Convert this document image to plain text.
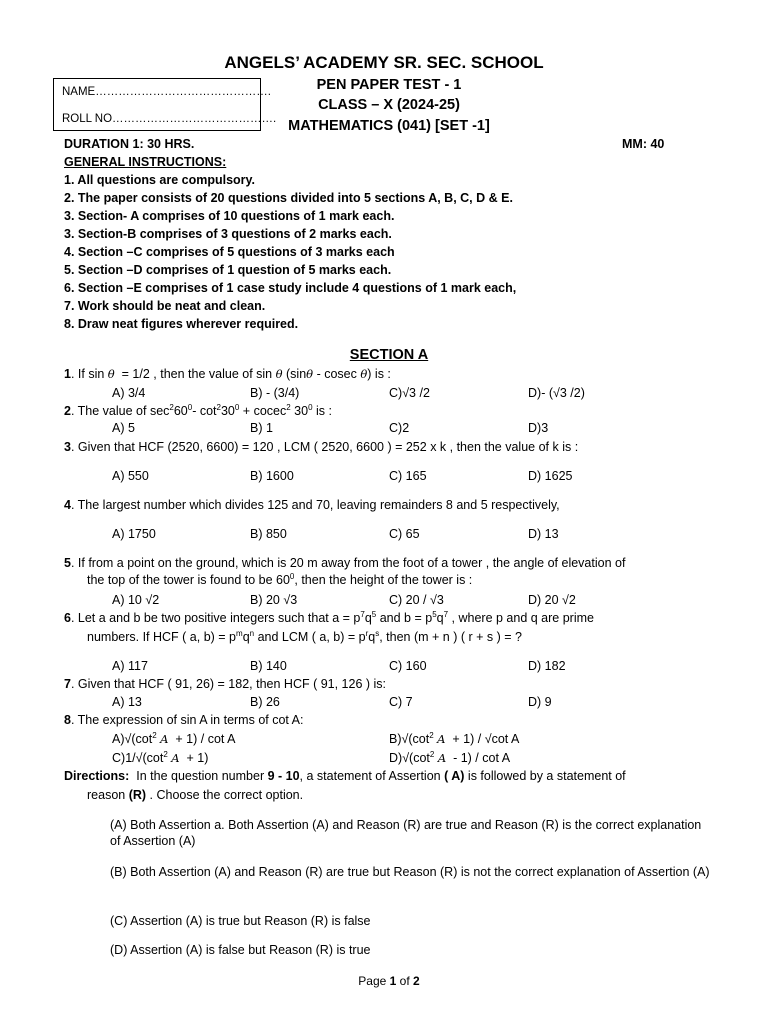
ANGELS’ ACADEMY SR. SEC. SCHOOL
NAME……………………………………….
ROLL NO…………………………………….
PEN PAPER TEST - 1
CLASS – X (2024-25)
MATHEMATICS (041) [SET -1]
DURATION 1: 30 HRS.	MM: 40
GENERAL INSTRUCTIONS:
1. All questions are compulsory.
2. The paper consists of 20 questions divided into 5 sections A, B, C, D & E.
3. Section- A comprises of 10 questions of 1 mark each.
3. Section-B comprises of 3 questions of 2 marks each.
4. Section –C comprises of 5 questions of 3 marks each
5. Section –D comprises of 1 question of 5 marks each.
6. Section –E comprises of 1 case study include 4 questions of 1 mark each,
7. Work should be neat and clean.
8. Draw neat figures wherever required.
SECTION A
1. If sin θ  = 1/2 , then the value of sin θ (sinθ - cosec θ) is :
A) 3/4	B) - (3/4)	C)√3 /2	D)- (√3 /2)
2. The value of $\sec^260^0-$ $\cot^230^0$ + cocec$^2$ $30^0$ is :
A) 5	B) 1	C)2	D)3
3. Given that HCF (2520, 6600) = 120 , LCM ( 2520, 6600 ) = 252 x k , then the value of k is :
A) 550	B) 1600	C) 165	D) 1625
4. The largest number which divides 125 and 70, leaving remainders 8 and 5 respectively,
A) 1750	B) 850	C) 65	D) 13
5. If from a point on the ground, which is 20 m away from the foot of a tower , the angle of elevation of
the top of the tower is found to be $60^0$, then the height of the tower is :
A) 10 √2	B) 20 √3	C) 20 / √3	D) 20 √2
6. Let a and b be two positive integers such that $a = p^7q^5$ and $b = p^5q^7$ , where p and q are prime
numbers. If HCF ( a, $b) = p^mq^n$ and LCM ( a, $b) = p^rq^s$, then (m + n ) ( r + s ) = ?
A) 117	B) 140	C) 160	D) 182
7. Given that HCF ( 91, 26) = 182, then HCF ( 91, 126 ) is:
A) 13	B) 26	C) 7	D) 9
8. The expression of sin A in terms of cot A:
$A)√(\cot^2$ A  + 1) / cot A	$B)√(\cot^2$ A  + 1) / √cot A
$C)1/√(\cot^2$ A  + 1)	$D)√(\cot^2$ A  - 1) / cot A
Directions:  In the question number 9 - 10, a statement of Assertion ( A) is followed by a statement of
reason (R) . Choose the correct option.
(A) Both Assertion a. Both Assertion (A) and Reason (R) are true and Reason (R) is the correct explanation of Assertion (A)
(B) Both Assertion (A) and Reason (R) are true but Reason (R) is not the correct explanation of Assertion (A)
(C) Assertion (A) is true but Reason (R) is false
(D) Assertion (A) is false but Reason (R) is true
Page 1 of 2
